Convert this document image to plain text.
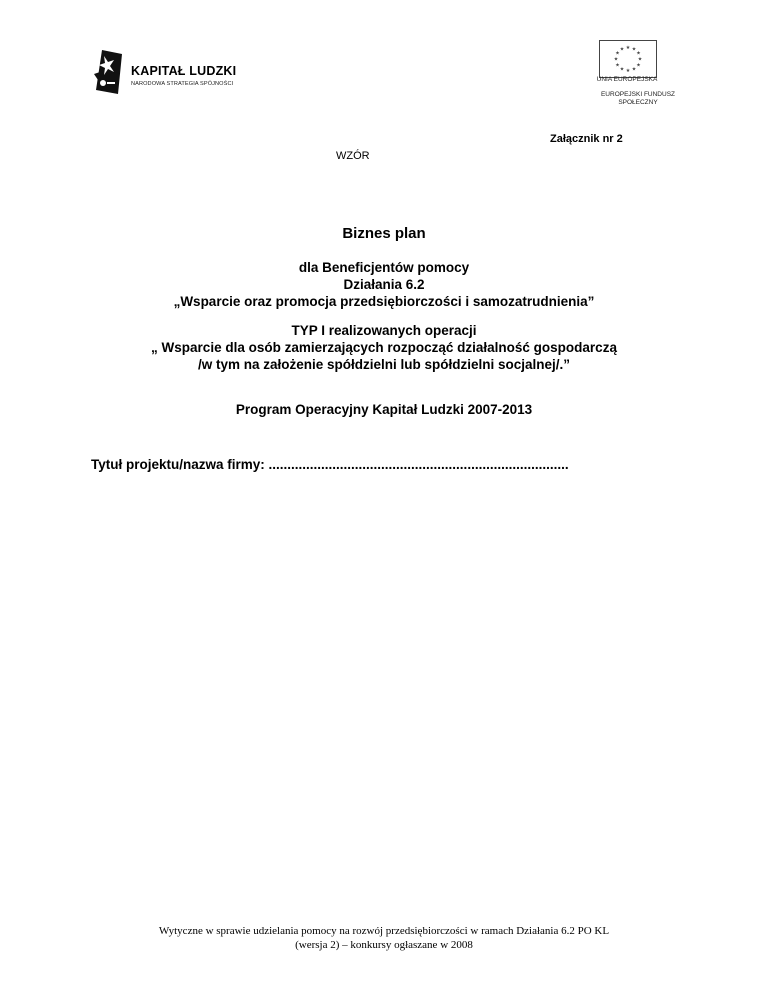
KAPITAŁ LUDZKI
NARODOWA STRATEGIA SPÓJNOŚCI
★ ★
★
★
★
★
★
★
★
★
★
★
UNIA EUROPEJSKA
EUROPEJSKI FUNDUSZ
SPOŁECZNY
Załącznik nr 2
WZÓR
Biznes plan
dla Beneficjentów pomocy
Działania 6.2
„Wsparcie oraz promocja przedsiębiorczości i samozatrudnienia”
TYP I realizowanych operacji
„ Wsparcie dla osób zamierzających rozpocząć działalność gospodarczą
/w tym na założenie spółdzielni lub spółdzielni socjalnej/.”
Program Operacyjny Kapitał Ludzki 2007-2013
Tytuł projektu/nazwa firmy: ................................................................................
Wytyczne w sprawie udzielania pomocy na rozwój przedsiębiorczości w ramach Działania 6.2 PO KL
(wersja 2) – konkursy ogłaszane w 2008
